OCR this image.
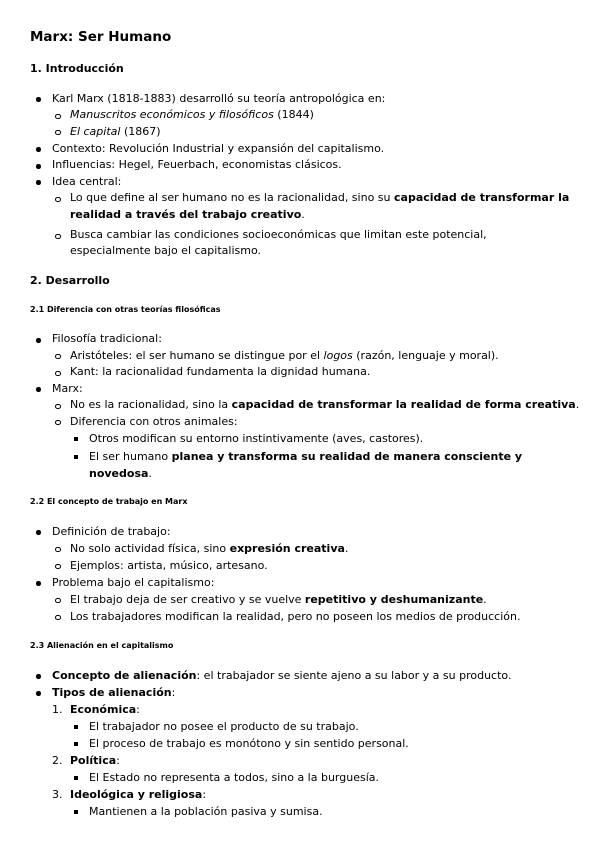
Marx: Ser Humano
1. Introducción
Karl Marx (1818-1883) desarrolló su teoría antropológica en:
Manuscritos económicos y filosóficos (1844)
El capital (1867)
Contexto: Revolución Industrial y expansión del capitalismo.
Influencias: Hegel, Feuerbach, economistas clásicos.
Idea central:
Lo que define al ser humano no es la racionalidad, sino su capacidad de transformar la
realidad a través del trabajo creativo.
Busca cambiar las condiciones socioeconómicas que limitan este potencial,
especialmente bajo el capitalismo.
2. Desarrollo
2.1 Diferencia con otras teorías filosóficas
Filosofía tradicional:
Aristóteles: el ser humano se distingue por el logos (razón, lenguaje y moral).
Kant: la racionalidad fundamenta la dignidad humana.
Marx:
No es la racionalidad, sino la capacidad de transformar la realidad de forma creativa.
Diferencia con otros animales:
Otros modifican su entorno instintivamente (aves, castores).
El ser humano planea y transforma su realidad de manera consciente y
novedosa.
2.2 El concepto de trabajo en Marx
Definición de trabajo:
No solo actividad física, sino expresión creativa.
Ejemplos: artista, músico, artesano.
Problema bajo el capitalismo:
El trabajo deja de ser creativo y se vuelve repetitivo y deshumanizante.
Los trabajadores modifican la realidad, pero no poseen los medios de producción.
2.3 Alienación en el capitalismo
Concepto de alienación: el trabajador se siente ajeno a su labor y a su producto.
Tipos de alienación:
1. Económica:
El trabajador no posee el producto de su trabajo.
El proceso de trabajo es monótono y sin sentido personal.
2. Política:
El Estado no representa a todos, sino a la burguesía.
3. Ideológica y religiosa:
Mantienen a la población pasiva y sumisa.
